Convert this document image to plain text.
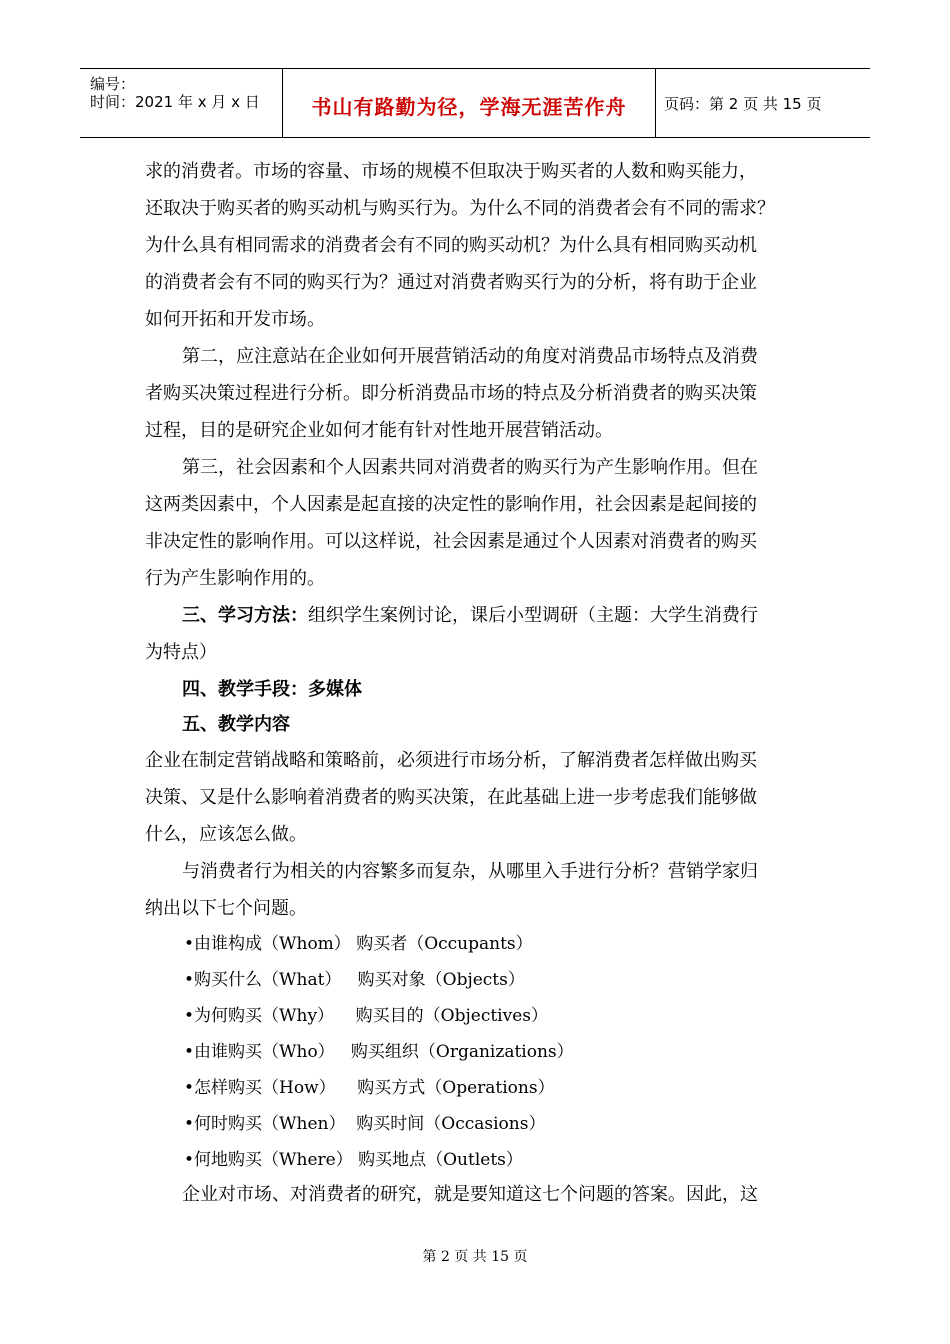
编号：
时间：2021 年 x 月 x 日	书山有路勤为径，学海无涯苦作舟	页码：第 2 页 共 15 页
求的消费者。市场的容量、市场的规模不但取决于购买者的人数和购买能力，
还取决于购买者的购买动机与购买行为。为什么不同的消费者会有不同的需求？
为什么具有相同需求的消费者会有不同的购买动机？为什么具有相同购买动机
的消费者会有不同的购买行为？通过对消费者购买行为的分析，将有助于企业
如何开拓和开发市场。
第二，应注意站在企业如何开展营销活动的角度对消费品市场特点及消费
者购买决策过程进行分析。即分析消费品市场的特点及分析消费者的购买决策
过程，目的是研究企业如何才能有针对性地开展营销活动。
第三，社会因素和个人因素共同对消费者的购买行为产生影响作用。但在
这两类因素中，个人因素是起直接的决定性的影响作用，社会因素是起间接的
非决定性的影响作用。可以这样说，社会因素是通过个人因素对消费者的购买
行为产生影响作用的。
三、学习方法：组织学生案例讨论，课后小型调研（主题：大学生消费行
为特点）
四、教学手段：多媒体
五、教学内容
企业在制定营销战略和策略前，必须进行市场分析，了解消费者怎样做出购买
决策、又是什么影响着消费者的购买决策，在此基础上进一步考虑我们能够做
什么，应该怎么做。
与消费者行为相关的内容繁多而复杂，从哪里入手进行分析？营销学家归
纳出以下七个问题。
•由谁构成（Whom） 购买者（Occupants）
•购买什么（What）   购买对象（Objects）
•为何购买（Why）    购买目的（Objectives）
•由谁购买（Who）   购买组织（Organizations）
•怎样购买（How）    购买方式（Operations）
•何时购买（When）  购买时间（Occasions）
•何地购买（Where） 购买地点（Outlets）
企业对市场、对消费者的研究，就是要知道这七个问题的答案。因此，这
第 2 页 共 15 页
